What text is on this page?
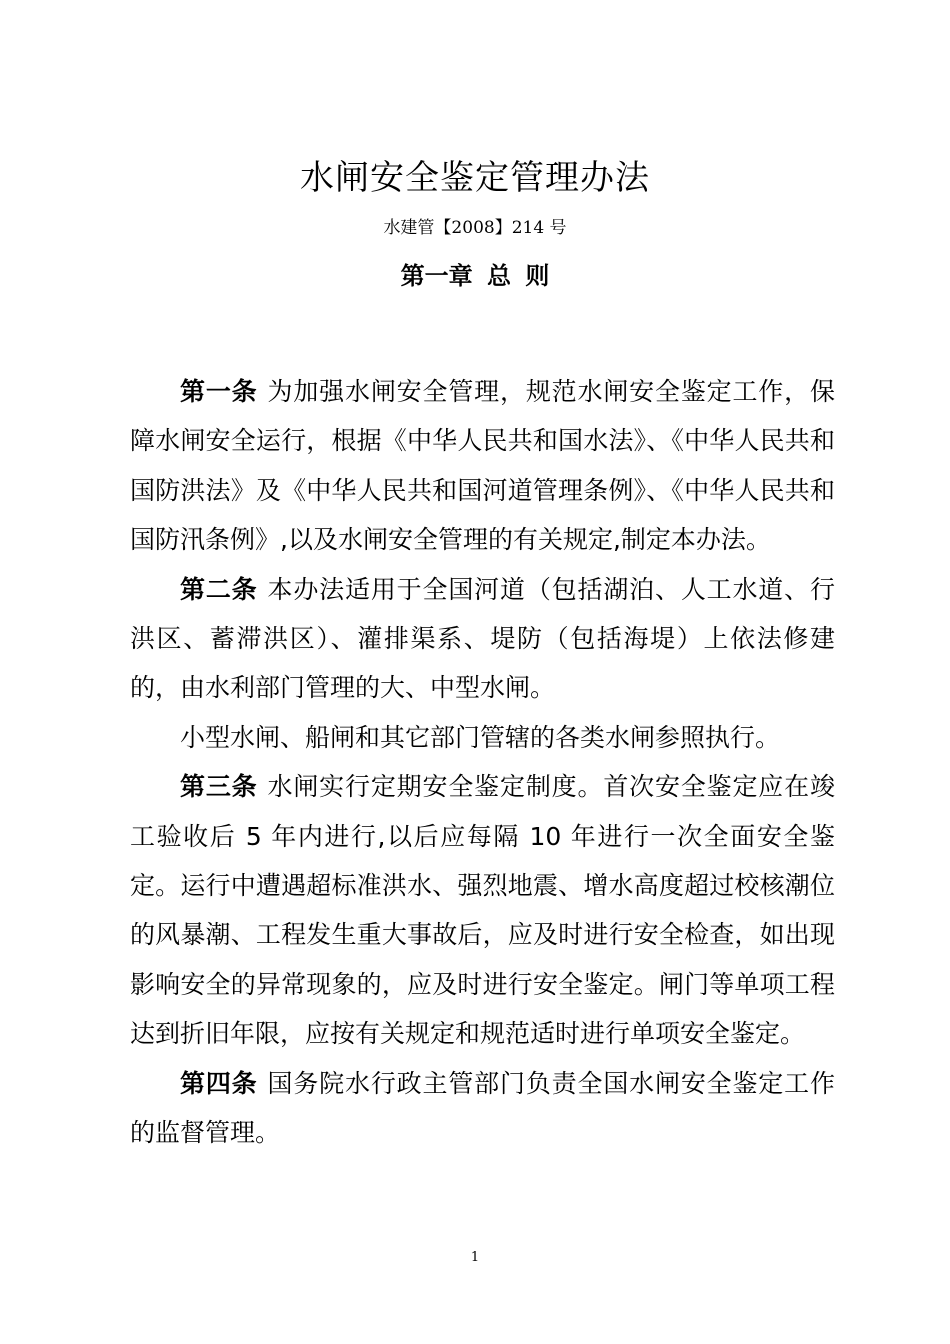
水闸安全鉴定管理办法
水建管【2008】214 号
第一章 总 则

第一条 为加强水闸安全管理，规范水闸安全鉴定工作，保障水闸安全运行，根据《中华人民共和国水法》、《中华人民共和国防洪法》及《中华人民共和国河道管理条例》、《中华人民共和国防汛条例》,以及水闸安全管理的有关规定,制定本办法。

第二条 本办法适用于全国河道（包括湖泊、人工水道、行洪区、蓄滞洪区）、灌排渠系、堤防（包括海堤）上依法修建的，由水利部门管理的大、中型水闸。

小型水闸、船闸和其它部门管辖的各类水闸参照执行。

第三条 水闸实行定期安全鉴定制度。首次安全鉴定应在竣工验收后 5 年内进行,以后应每隔 10 年进行一次全面安全鉴定。运行中遭遇超标准洪水、强烈地震、增水高度超过校核潮位的风暴潮、工程发生重大事故后，应及时进行安全检查，如出现影响安全的异常现象的，应及时进行安全鉴定。闸门等单项工程达到折旧年限，应按有关规定和规范适时进行单项安全鉴定。

第四条 国务院水行政主管部门负责全国水闸安全鉴定工作的监督管理。

1
